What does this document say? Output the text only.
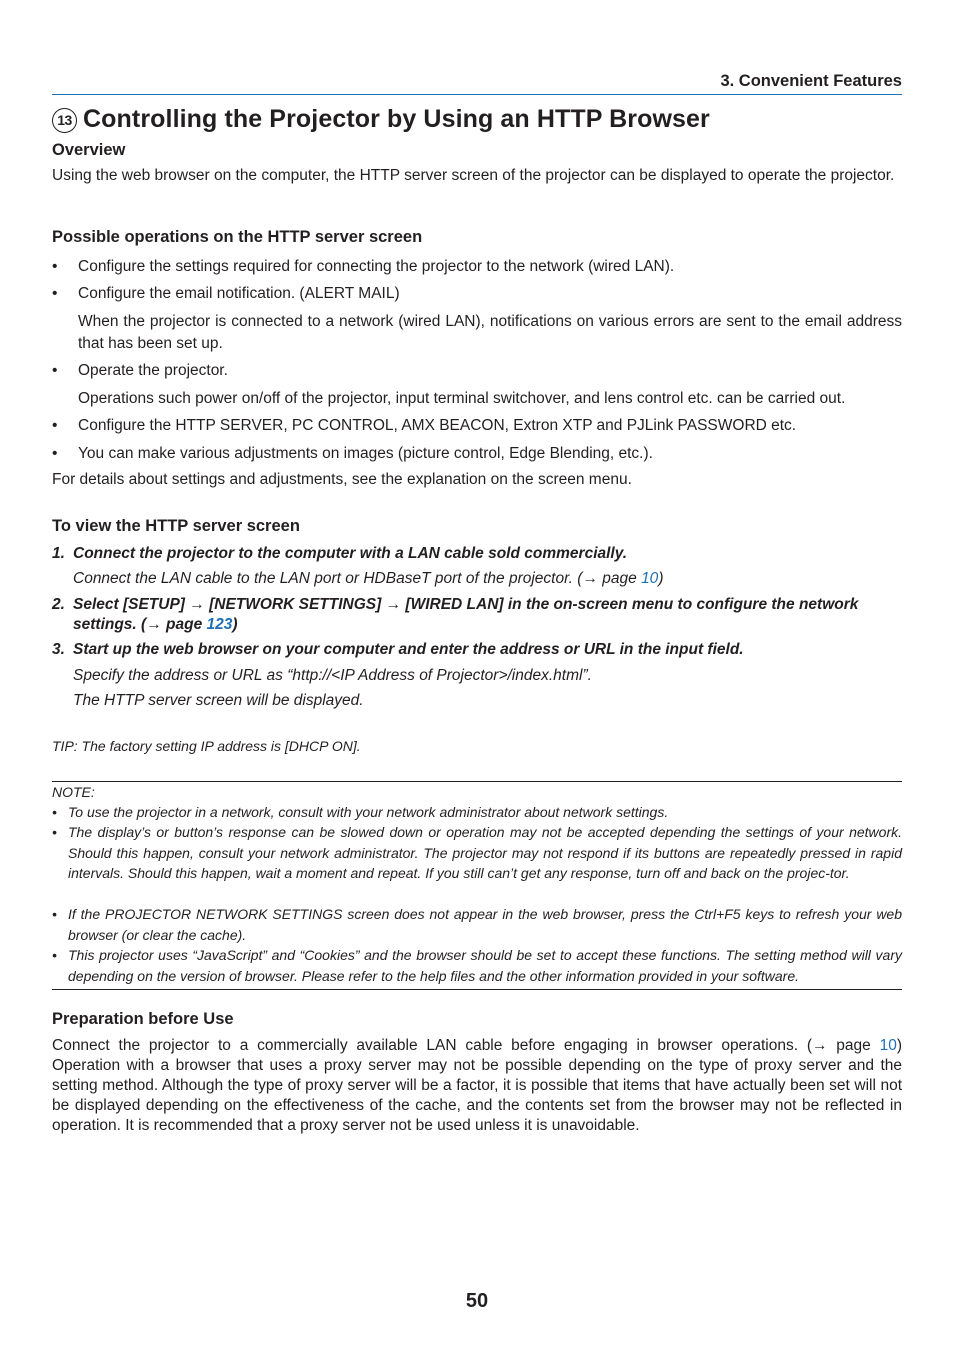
3. Convenient Features
13 Controlling the Projector by Using an HTTP Browser
Overview
Using the web browser on the computer, the HTTP server screen of the projector can be displayed to operate the projector.
Possible operations on the HTTP server screen
• Configure the settings required for connecting the projector to the network (wired LAN).
• Configure the email notification. (ALERT MAIL)
When the projector is connected to a network (wired LAN), notifications on various errors are sent to the email address that has been set up.
• Operate the projector.
Operations such power on/off of the projector, input terminal switchover, and lens control etc. can be carried out.
• Configure the HTTP SERVER, PC CONTROL, AMX BEACON, Extron XTP and PJLink PASSWORD etc.
• You can make various adjustments on images (picture control, Edge Blending, etc.).
For details about settings and adjustments, see the explanation on the screen menu.
To view the HTTP server screen
1. Connect the projector to the computer with a LAN cable sold commercially.
Connect the LAN cable to the LAN port or HDBaseT port of the projector. (→ page 10)
2. Select [SETUP] → [NETWORK SETTINGS] → [WIRED LAN] in the on-screen menu to configure the network settings. (→ page 123)
3. Start up the web browser on your computer and enter the address or URL in the input field.
Specify the address or URL as “http://<IP Address of Projector>/index.html”.
The HTTP server screen will be displayed.
TIP: The factory setting IP address is [DHCP ON].
NOTE:
• To use the projector in a network, consult with your network administrator about network settings.
• The display’s or button’s response can be slowed down or operation may not be accepted depending the settings of your network. Should this happen, consult your network administrator. The projector may not respond if its buttons are repeatedly pressed in rapid intervals. Should this happen, wait a moment and repeat. If you still can’t get any response, turn off and back on the projec-tor.
• If the PROJECTOR NETWORK SETTINGS screen does not appear in the web browser, press the Ctrl+F5 keys to refresh your web browser (or clear the cache).
• This projector uses “JavaScript” and “Cookies” and the browser should be set to accept these functions. The setting method will vary depending on the version of browser. Please refer to the help files and the other information provided in your software.
Preparation before Use
Connect the projector to a commercially available LAN cable before engaging in browser operations. (→ page 10) Operation with a browser that uses a proxy server may not be possible depending on the type of proxy server and the setting method. Although the type of proxy server will be a factor, it is possible that items that have actually been set will not be displayed depending on the effectiveness of the cache, and the contents set from the browser may not be reflected in operation. It is recommended that a proxy server not be used unless it is unavoidable.
50
